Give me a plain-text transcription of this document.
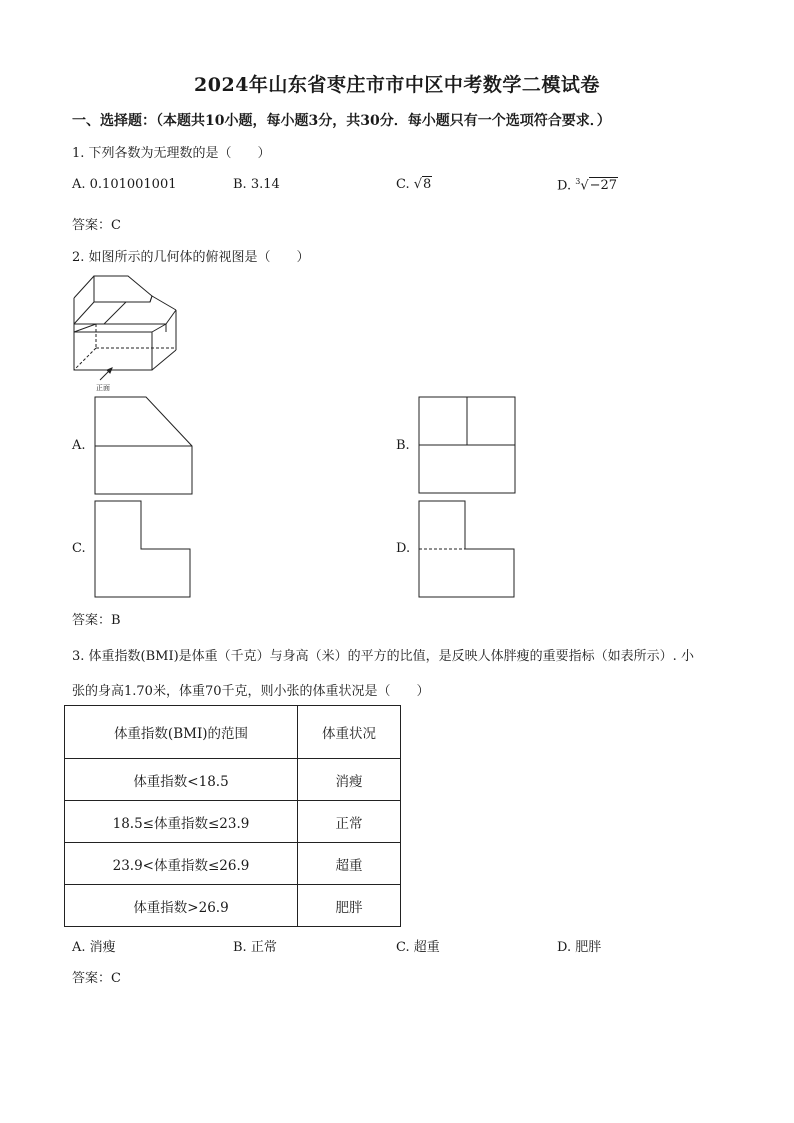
2024年山东省枣庄市市中区中考数学二模试卷
一、选择题：（本题共10小题，每小题3分，共30分．每小题只有一个选项符合要求．）
1. 下列各数为无理数的是（　　）
A. 0.101001001	B. 3.14	C. √8	D. $^3$√−27
答案：C
2. 如图所示的几何体的俯视图是（　　）
正面
A.	B.
C.	D.
答案：B
3. 体重指数(BMI)是体重（千克）与身高（米）的平方的比值，是反映人体胖瘦的重要指标（如表所示）. 小
张的身高1.70米，体重70千克，则小张的体重状况是（　　）
体重指数(BMI)的范围	体重状况
体重指数<18.5	消瘦
18.5≤体重指数≤23.9	正常
23.9<体重指数≤26.9	超重
体重指数>26.9	肥胖
A. 消瘦	B. 正常	C. 超重	D. 肥胖
答案：C
